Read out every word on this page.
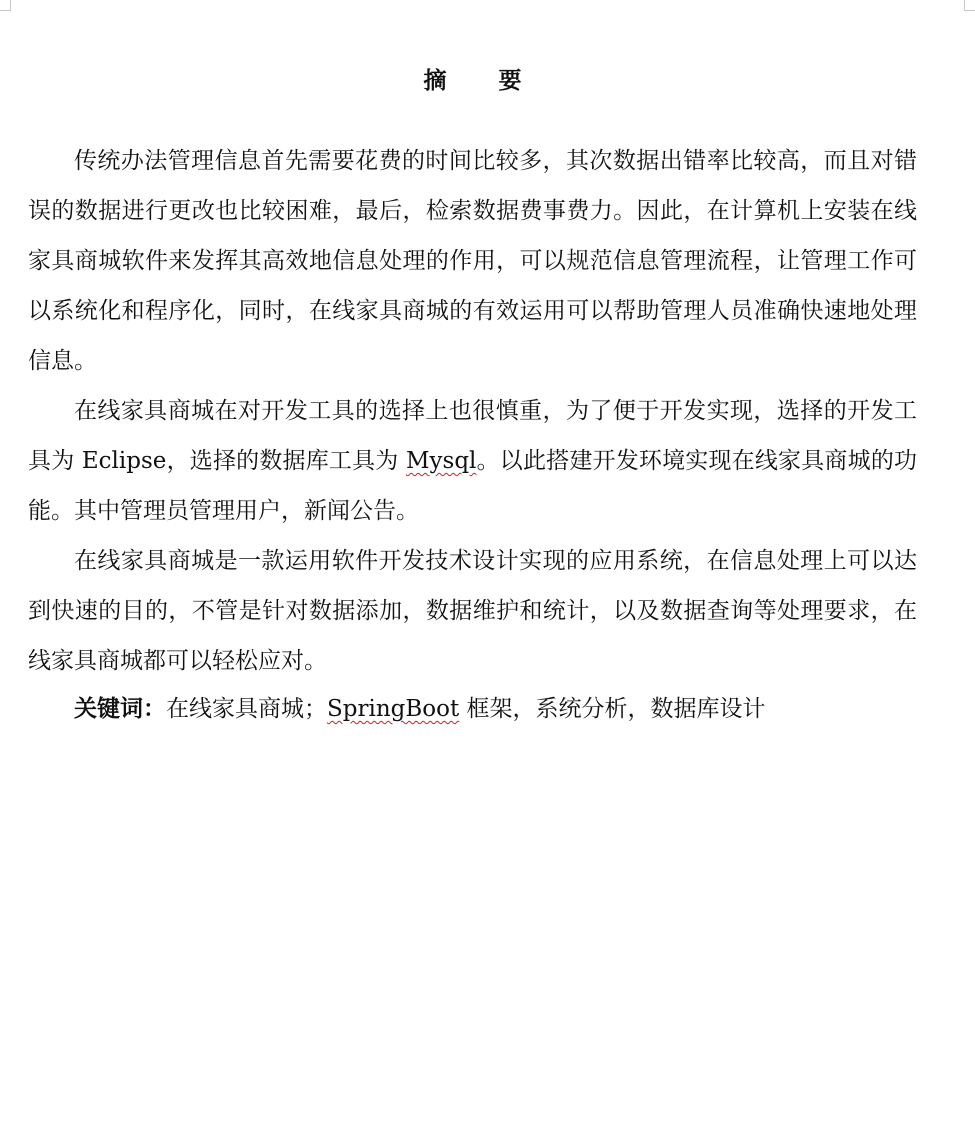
摘 要

传统办法管理信息首先需要花费的时间比较多，其次数据出错率比较高，而且对错误的数据进行更改也比较困难，最后，检索数据费事费力。因此，在计算机上安装在线家具商城软件来发挥其高效地信息处理的作用，可以规范信息管理流程，让管理工作可以系统化和程序化，同时，在线家具商城的有效运用可以帮助管理人员准确快速地处理信息。

在线家具商城在对开发工具的选择上也很慎重，为了便于开发实现，选择的开发工具为 Eclipse，选择的数据库工具为 Mysql。以此搭建开发环境实现在线家具商城的功能。其中管理员管理用户，新闻公告。

在线家具商城是一款运用软件开发技术设计实现的应用系统，在信息处理上可以达到快速的目的，不管是针对数据添加，数据维护和统计，以及数据查询等处理要求，在线家具商城都可以轻松应对。

关键词：在线家具商城；SpringBoot 框架，系统分析，数据库设计
